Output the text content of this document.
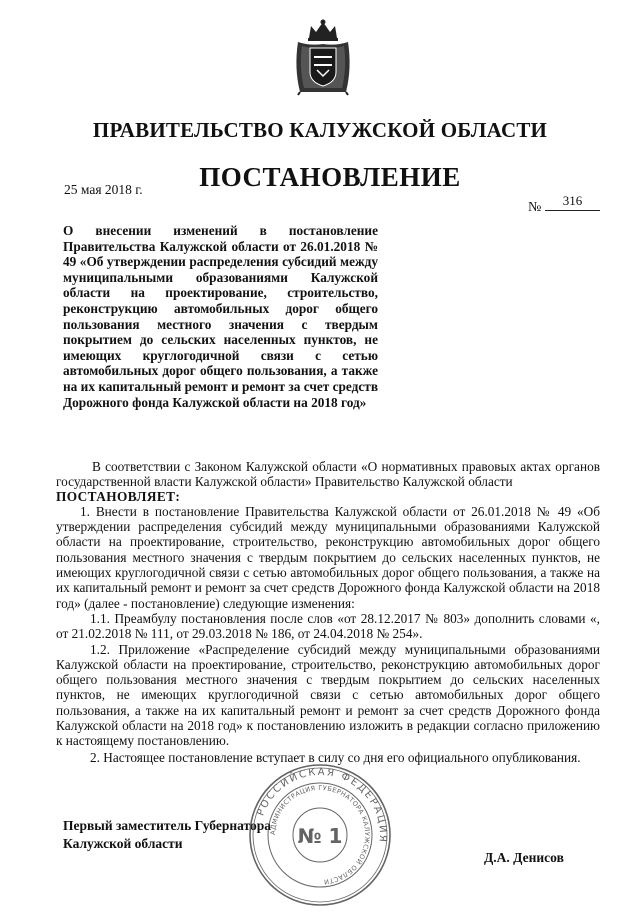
ПРАВИТЕЛЬСТВО КАЛУЖСКОЙ ОБЛАСТИ
ПОСТАНОВЛЕНИЕ
25 мая 2018 г.
№	316
О внесении изменений в постановление Правительства Калужской области от 26.01.2018 № 49 «Об утверждении распределения субсидий между муниципальными образованиями Калужской области на проектирование, строительство, реконструкцию автомобильных дорог общего пользования местного значения с твердым покрытием до сельских населенных пунктов, не имеющих круглогодичной связи с сетью автомобильных дорог общего пользования, а также на их капитальный ремонт и ремонт за счет средств Дорожного фонда Калужской области на 2018 год»

В соответствии с Законом Калужской области «О нормативных правовых актах органов государственной власти Калужской области» Правительство Калужской области

ПОСТАНОВЛЯЕТ:

1. Внести в постановление Правительства Калужской области от 26.01.2018 № 49 «Об утверждении распределения субсидий между муниципальными образованиями Калужской области на проектирование, строительство, реконструкцию автомобильных дорог общего пользования местного значения с твердым покрытием до сельских населенных пунктов, не имеющих круглогодичной связи с сетью автомобильных дорог общего пользования, а также на их капитальный ремонт и ремонт за счет средств Дорожного фонда Калужской области на 2018 год» (далее - постановление) следующие изменения:

1.1. Преамбулу постановления после слов «от 28.12.2017 № 803» дополнить словами «, от 21.02.2018 № 111, от 29.03.2018 № 186, от 24.04.2018 № 254».

1.2. Приложение «Распределение субсидий между муниципальными образованиями Калужской области на проектирование, строительство, реконструкцию автомобильных дорог общего пользования местного значения с твердым покрытием до сельских населенных пунктов, не имеющих круглогодичной связи с сетью автомобильных дорог общего пользования, а также на их капитальный ремонт и ремонт за счет средств Дорожного фонда Калужской области на 2018 год» к постановлению изложить в редакции согласно приложению к настоящему постановлению.

2. Настоящее постановление вступает в силу со дня его официального опубликования.

Первый заместитель Губернатора
Калужской области
Д.А. Денисов
РОССИЙСКАЯ ФЕДЕРАЦИЯ
АДМИНИСТРАЦИЯ ГУБЕРНАТОРА КАЛУЖСКОЙ ОБЛАСТИ
№ 1
